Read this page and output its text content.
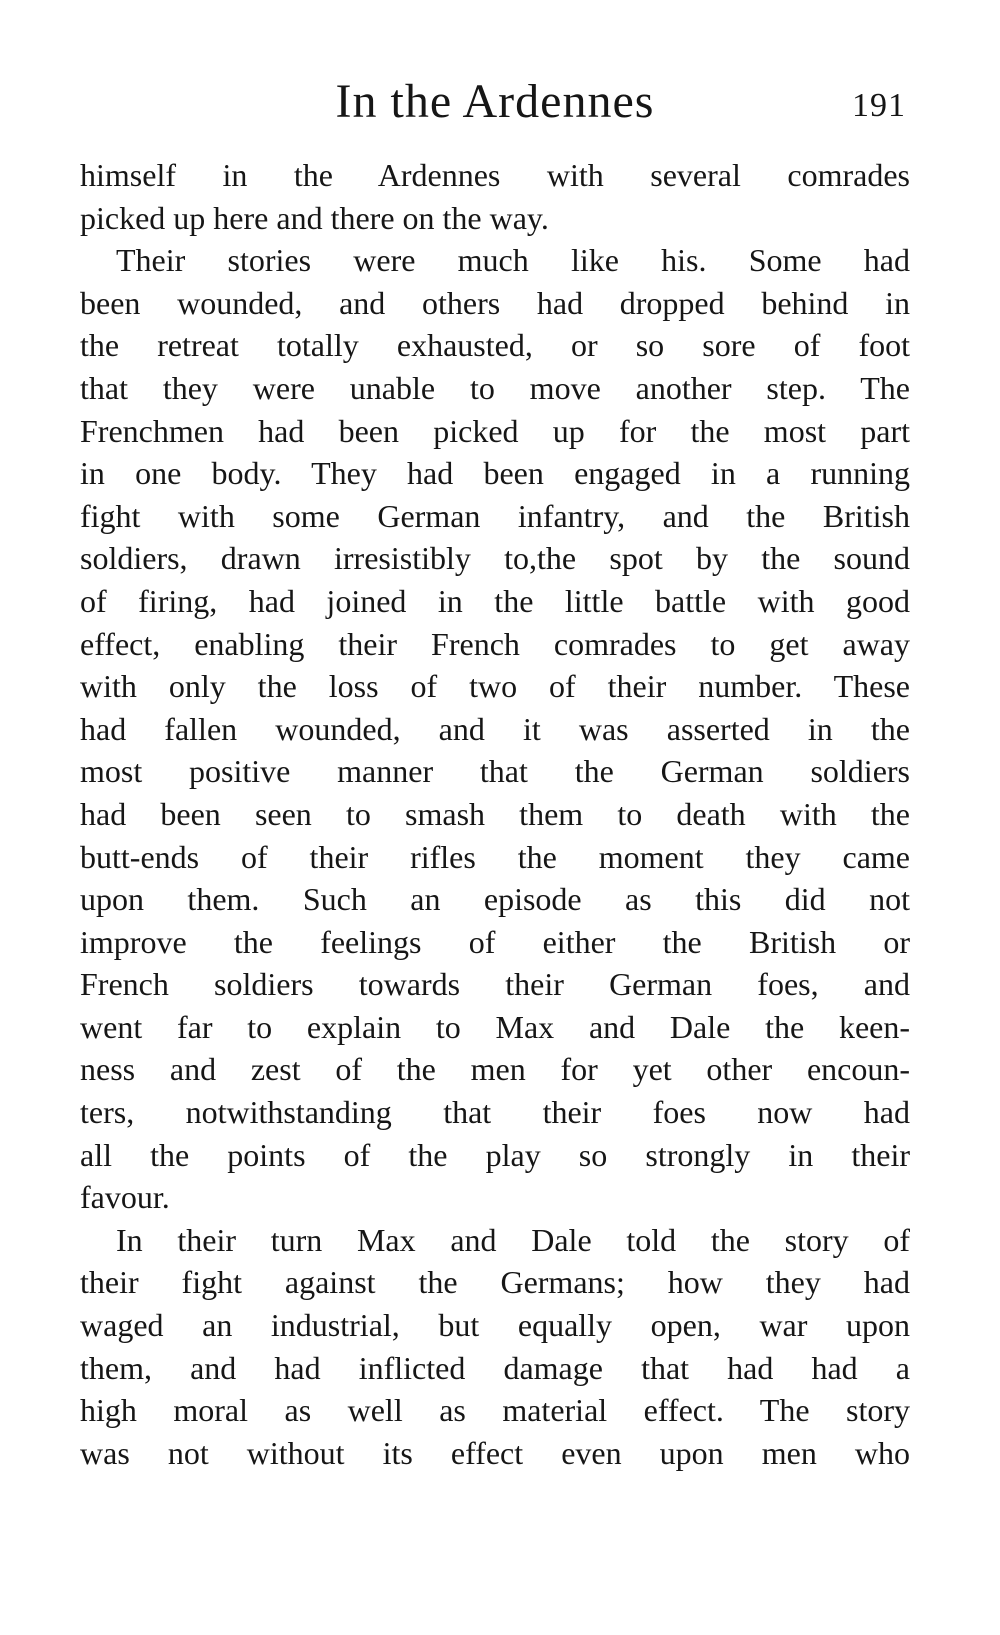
In the Ardennes	191
himself in the Ardennes with several comrades
picked up here and there on the way.
Their stories were much like his. Some had
been wounded, and others had dropped behind in
the retreat totally exhausted, or so sore of foot
that they were unable to move another step. The
Frenchmen had been picked up for the most part
in one body. They had been engaged in a running
fight with some German infantry, and the British
soldiers, drawn irresistibly to,the spot by the sound
of firing, had joined in the little battle with good
effect, enabling their French comrades to get away
with only the loss of two of their number. These
had fallen wounded, and it was asserted in the
most positive manner that the German soldiers
had been seen to smash them to death with the
butt-ends of their rifles the moment they came
upon them. Such an episode as this did not
improve the feelings of either the British or
French soldiers towards their German foes, and
went far to explain to Max and Dale the keen-
ness and zest of the men for yet other encoun-
ters, notwithstanding that their foes now had
all the points of the play so strongly in their
favour.
In their turn Max and Dale told the story of
their fight against the Germans; how they had
waged an industrial, but equally open, war upon
them, and had inflicted damage that had had a
high moral as well as material effect. The story
was not without its effect even upon men who
